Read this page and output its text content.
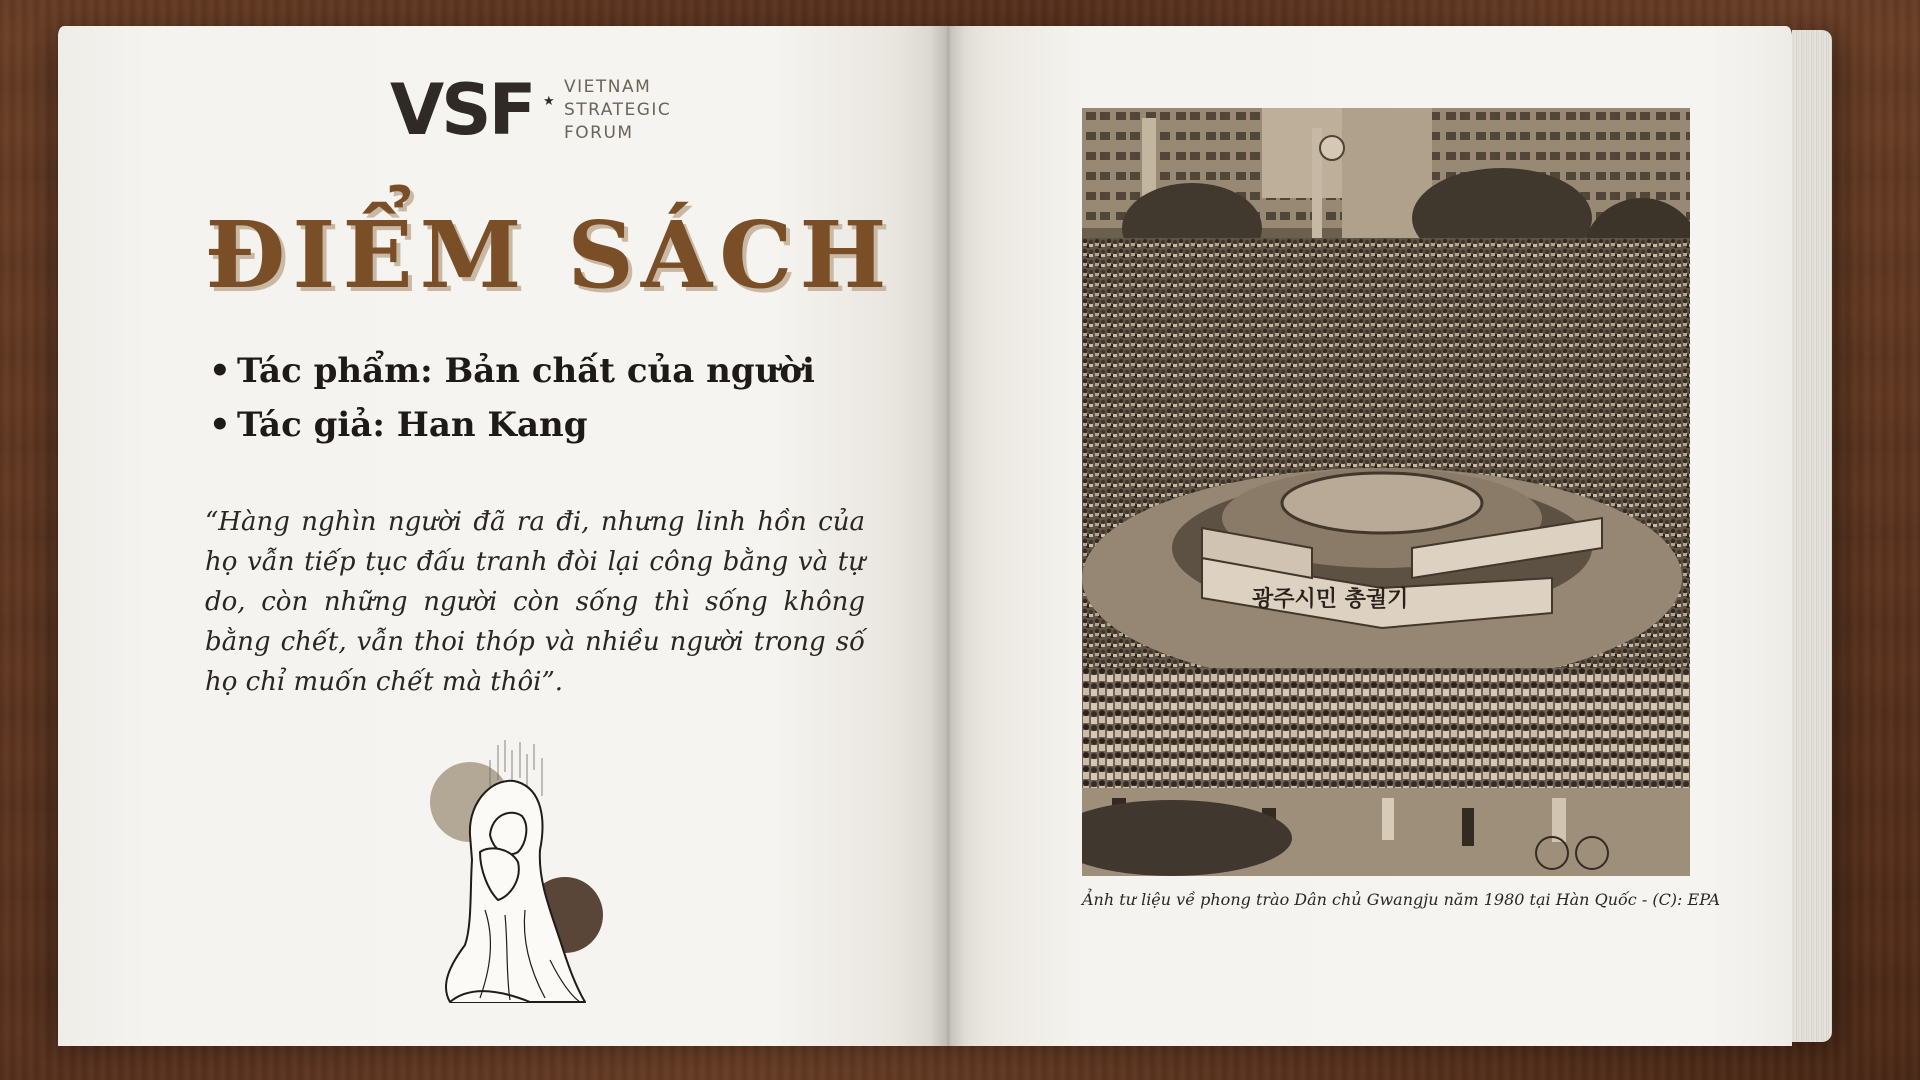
VSF ★
VIETNAM
STRATEGIC
FORUM
ĐIỂM SÁCH
• Tác phẩm: Bản chất của người
• Tác giả: Han Kang
“Hàng nghìn người đã ra đi, nhưng linh hồn của họ vẫn tiếp tục đấu tranh đòi lại công bằng và tự do, còn những người còn sống thì sống không bằng chết, vẫn thoi thóp và nhiều người trong số họ chỉ muốn chết mà thôi”.
광주시민 총궐기
Ảnh tư liệu về phong trào Dân chủ Gwangju năm 1980 tại Hàn Quốc - (C): EPA
